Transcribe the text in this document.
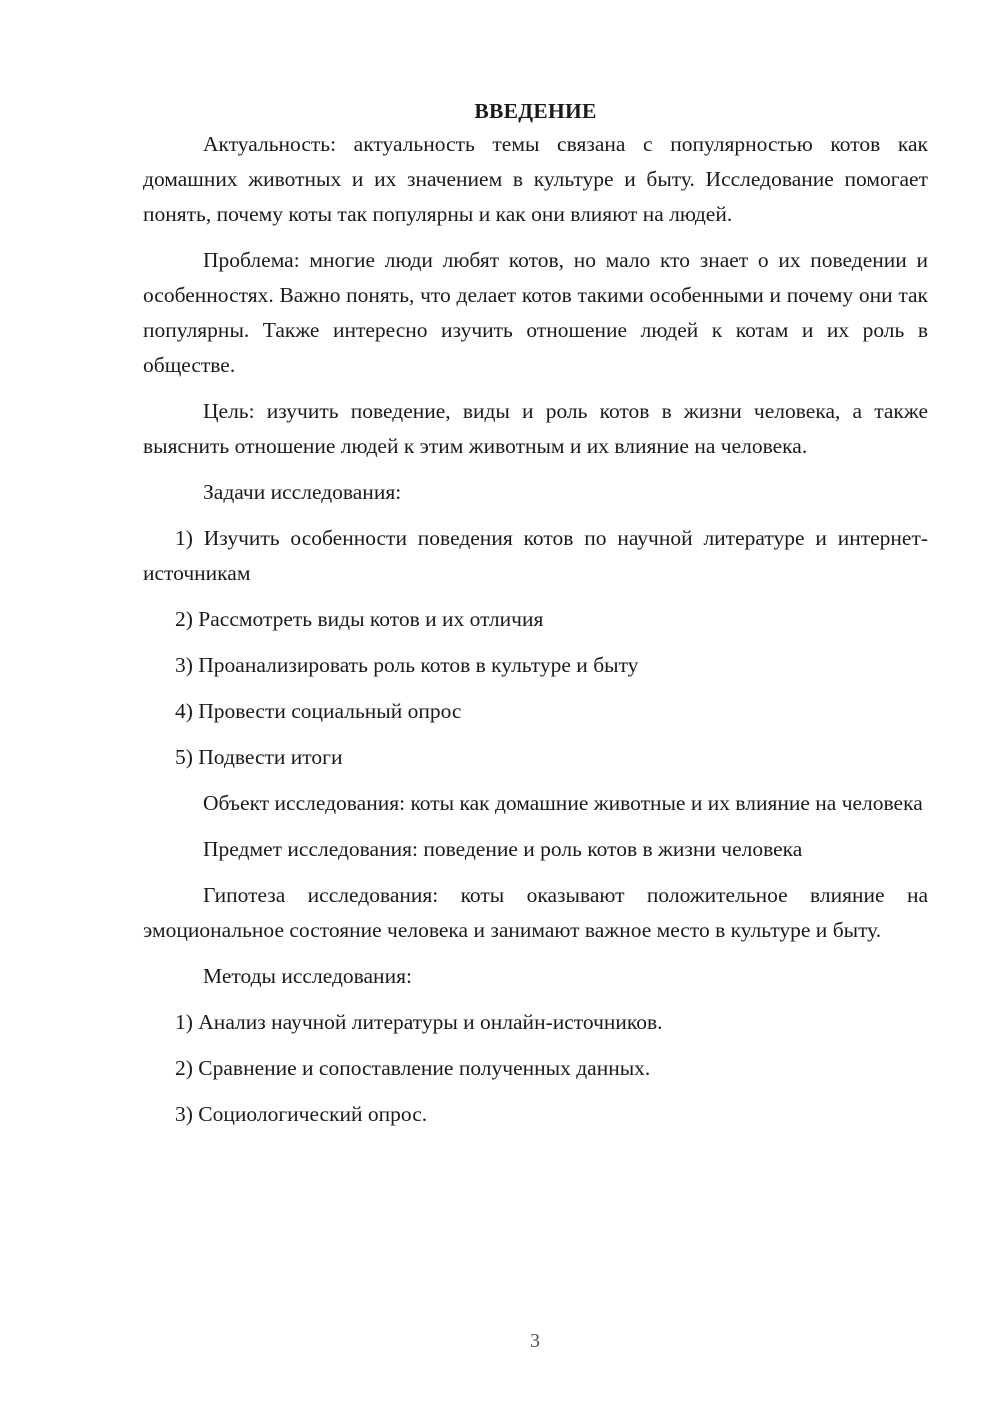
ВВЕДЕНИЕ

Актуальность: актуальность темы связана с популярностью котов как домашних животных и их значением в культуре и быту. Исследование помогает понять, почему коты так популярны и как они влияют на людей.

Проблема: многие люди любят котов, но мало кто знает о их поведении и особенностях. Важно понять, что делает котов такими особенными и почему они так популярны. Также интересно изучить отношение людей к котам и их роль в обществе.

Цель: изучить поведение, виды и роль котов в жизни человека, а также выяснить отношение людей к этим животным и их влияние на человека.

Задачи исследования:

1) Изучить особенности поведения котов по научной литературе и интернет-источникам

2) Рассмотреть виды котов и их отличия

3) Проанализировать роль котов в культуре и быту

4) Провести социальный опрос

5) Подвести итоги

Объект исследования: коты как домашние животные и их влияние на человека

Предмет исследования: поведение и роль котов в жизни человека

Гипотеза исследования: коты оказывают положительное влияние на эмоциональное состояние человека и занимают важное место в культуре и быту.

Методы исследования:

1) Анализ научной литературы и онлайн-источников.

2) Сравнение и сопоставление полученных данных.

3) Социологический опрос.

3
